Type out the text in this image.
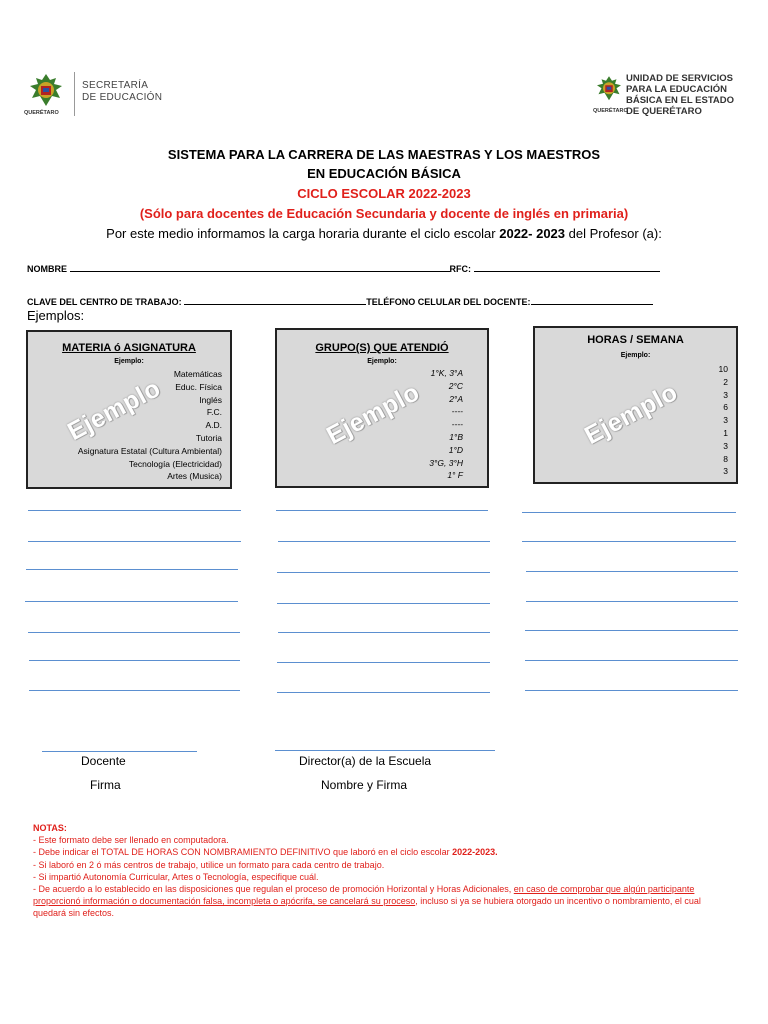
QUERÉTARO
SECRETARÍA
DE EDUCACIÓN
QUERÉTARO
UNIDAD DE SERVICIOS
PARA LA EDUCACIÓN
BÁSICA EN EL ESTADO
DE QUERÉTARO
SISTEMA PARA LA CARRERA DE LAS MAESTRAS Y LOS MAESTROS
EN EDUCACIÓN BÁSICA
CICLO ESCOLAR 2022-2023
(Sólo para docentes de Educación Secundaria y docente de inglés en primaria)
Por este medio informamos la carga horaria durante el ciclo escolar 2022- 2023 del Profesor (a):
NOMBRE	RFC:
CLAVE DEL CENTRO DE TRABAJO:	TELÉFONO CELULAR DEL DOCENTE:
Ejemplos:
MATERIA ó ASIGNATURA
Ejemplo:
Matemáticas
Educ. Física
Inglés
F.C.
A.D.
Tutoria
Asignatura Estatal (Cultura Ambiental)
Tecnología (Electricidad)
Artes (Musica)
Ejemplo
GRUPO(S) QUE ATENDIÓ
Ejemplo:
1°K, 3°A
2°C
2°A
----
----
1°B
1°D
3°G, 3°H
1° F
Ejemplo
HORAS / SEMANA
Ejemplo:
10
2
3
6
3
1
3
8
3
Ejemplo
Docente
Firma
Director(a) de la Escuela
Nombre y Firma
NOTAS:
- Este formato debe ser llenado en computadora.
- Debe indicar el TOTAL DE HORAS CON NOMBRAMIENTO DEFINITIVO que laboró en el ciclo escolar 2022-2023.
- Si laboró en 2 ó más centros de trabajo, utilice un formato para cada centro de trabajo.
- Si impartió Autonomía Curricular, Artes o Tecnología, especifique cuál.
- De acuerdo a lo establecido en las disposiciones que regulan el proceso de promoción Horizontal y Horas Adicionales, en caso de comprobar que algún participante proporcionó información o documentación falsa, incompleta o apócrifa, se cancelará su proceso, incluso si ya se hubiera otorgado un incentivo o nombramiento, el cual quedará sin efectos.
